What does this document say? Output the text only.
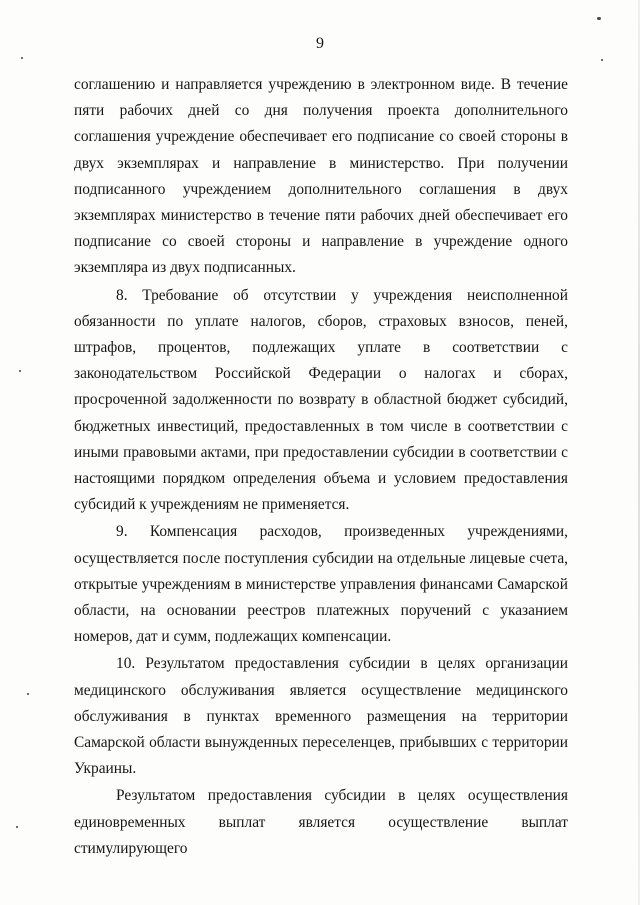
9

соглашению и направляется учреждению в электронном виде. В течение пяти рабочих дней со дня получения проекта дополнительного соглашения учреждение обеспечивает его подписание со своей стороны в двух экземплярах и направление в министерство. При получении подписанного учреждением дополнительного соглашения в двух экземплярах министерство в течение пяти рабочих дней обеспечивает его подписание со своей стороны и направление в учреждение одного экземпляра из двух подписанных.

8. Требование об отсутствии у учреждения неисполненной обязанности по уплате налогов, сборов, страховых взносов, пеней, штрафов, процентов, подлежащих уплате в соответствии с законодательством Российской Федерации о налогах и сборах, просроченной задолженности по возврату в областной бюджет субсидий, бюджетных инвестиций, предоставленных в том числе в соответствии с иными правовыми актами, при предоставлении субсидии в соответствии с настоящими порядком определения объема и условием предоставления субсидий к учреждениям не применяется.

9. Компенсация расходов, произведенных учреждениями, осуществляется после поступления субсидии на отдельные лицевые счета, открытые учреждениям в министерстве управления финансами Самарской области, на основании реестров платежных поручений с указанием номеров, дат и сумм, подлежащих компенсации.

10. Результатом предоставления субсидии в целях организации медицинского обслуживания является осуществление медицинского обслуживания в пунктах временного размещения на территории Самарской области вынужденных переселенцев, прибывших с территории Украины.

Результатом предоставления субсидии в целях осуществления единовременных выплат является осуществление выплат стимулирующего
